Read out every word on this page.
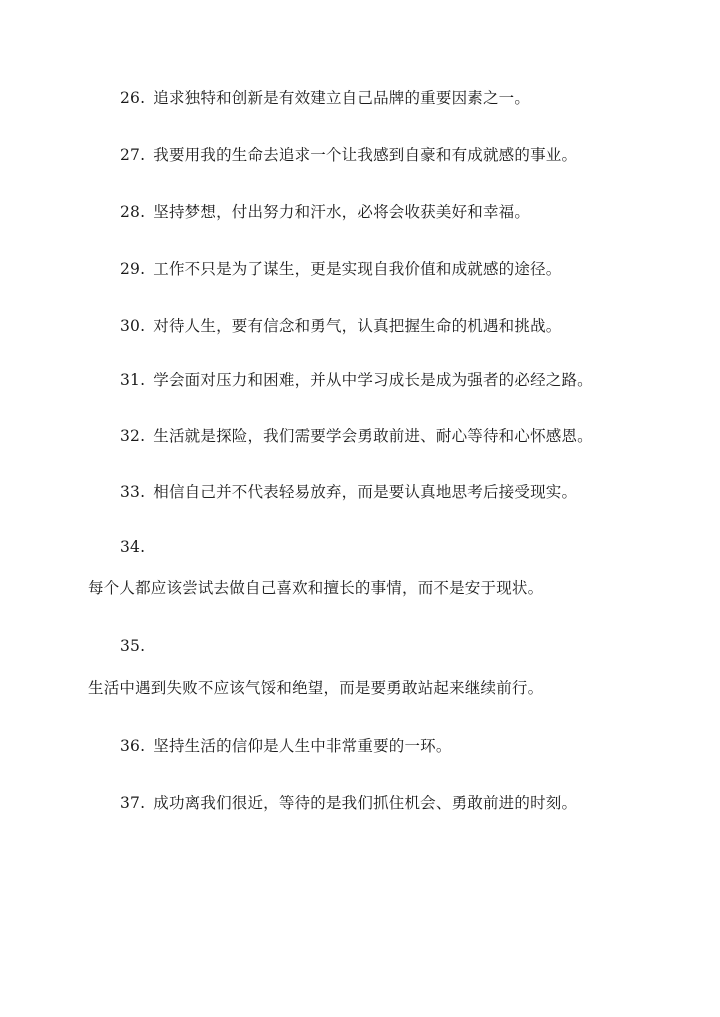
26. 追求独特和创新是有效建立自己品牌的重要因素之一。
27. 我要用我的生命去追求一个让我感到自豪和有成就感的事业。
28. 坚持梦想，付出努力和汗水，必将会收获美好和幸福。
29. 工作不只是为了谋生，更是实现自我价值和成就感的途径。
30. 对待人生，要有信念和勇气，认真把握生命的机遇和挑战。
31. 学会面对压力和困难，并从中学习成长是成为强者的必经之路。
32. 生活就是探险，我们需要学会勇敢前进、耐心等待和心怀感恩。
33. 相信自己并不代表轻易放弃，而是要认真地思考后接受现实。
34.
每个人都应该尝试去做自己喜欢和擅长的事情，而不是安于现状。
35.
生活中遇到失败不应该气馁和绝望，而是要勇敢站起来继续前行。
36. 坚持生活的信仰是人生中非常重要的一环。
37. 成功离我们很近，等待的是我们抓住机会、勇敢前进的时刻。
